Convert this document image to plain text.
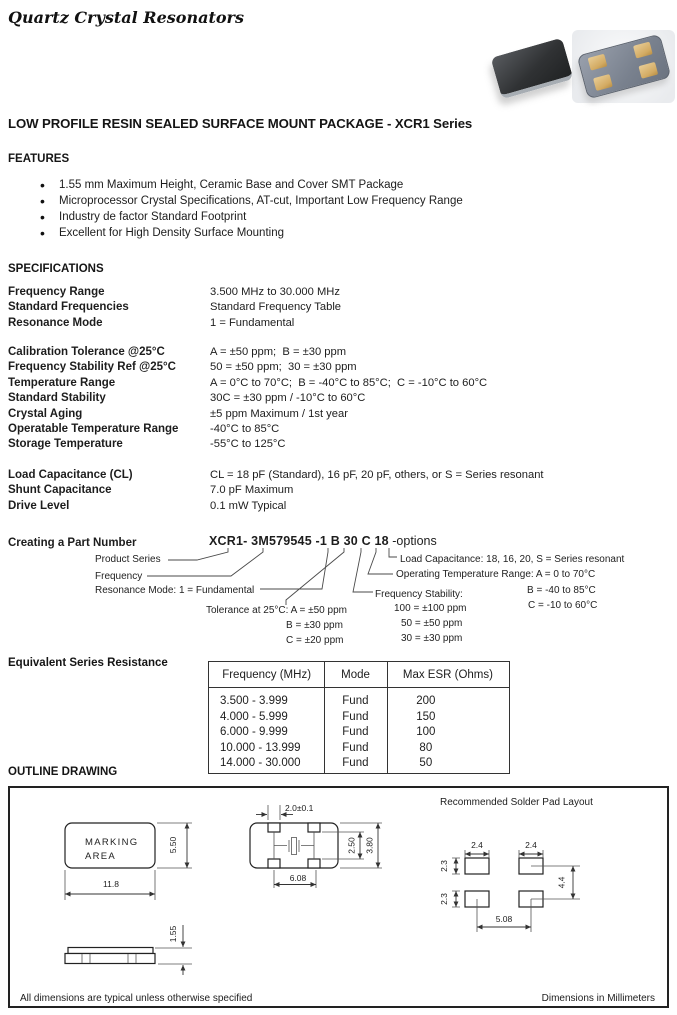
Quartz Crystal Resonators
LOW PROFILE RESIN SEALED SURFACE MOUNT PACKAGE - XCR1 Series
FEATURES
• 1.55 mm Maximum Height, Ceramic Base and Cover SMT Package
• Microprocessor Crystal Specifications, AT-cut, Important Low Frequency Range
• Industry de factor Standard Footprint
• Excellent for High Density Surface Mounting
SPECIFICATIONS
Frequency Range	3.500 MHz to 30.000 MHz
Standard Frequencies	Standard Frequency Table
Resonance Mode	1 = Fundamental
Calibration Tolerance @25°C	A = ±50 ppm;  B = ±30 ppm
Frequency Stability Ref @25°C	50 = ±50 ppm;  30 = ±30 ppm
Temperature Range	A = 0°C to 70°C;  B = -40°C to 85°C;  C = -10°C to 60°C
Standard Stability	30C = ±30 ppm / -10°C to 60°C
Crystal Aging	±5 ppm Maximum / 1st year
Operatable Temperature Range	-40°C to 85°C
Storage Temperature	-55°C to 125°C
Load Capacitance (CL)	CL = 18 pF (Standard), 16 pF, 20 pF, others, or S = Series resonant
Shunt Capacitance	7.0 pF Maximum
Drive Level	0.1 mW Typical
Creating a Part Number	XCR1- 3M579545 -1 B 30 C 18 -options
Product Series
Frequency
Resonance Mode: 1 = Fundamental
Tolerance at 25°C: A = ±50 ppm
B = ±30 ppm
C = ±20 ppm
Frequency Stability:
100 = ±100 ppm
50 = ±50 ppm
30 = ±30 ppm
Load Capacitance: 18, 16, 20, S = Series resonant
Operating Temperature Range: A = 0 to 70°C
B = -40 to 85°C
C = -10 to 60°C
Equivalent Series Resistance
Frequency (MHz)	Mode	Max ESR (Ohms)
3.500 - 3.999	Fund	200
4.000 - 5.999	Fund	150
6.000 - 9.999	Fund	100
10.000 - 13.999	Fund	80
14.000 - 30.000	Fund	50
OUTLINE DRAWING
MARKING
AREA
5.50
11.8
1.55
2.0±0.1
6.08
2.50 3.80
Recommended Solder Pad Layout
2.4	2.4
2.3
2.3
4.4
5.08
All dimensions are typical unless otherwise specified	Dimensions in Millimeters
